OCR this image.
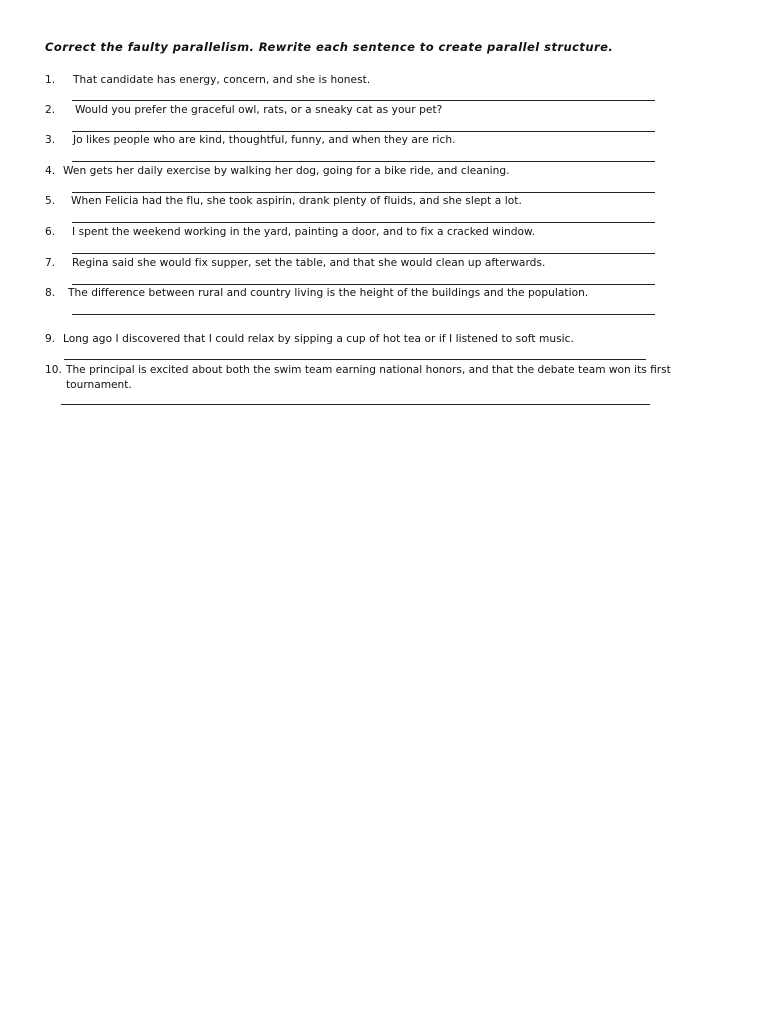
Correct the faulty parallelism. Rewrite each sentence to create parallel structure.
1. That candidate has energy, concern, and she is honest.
2. Would you prefer the graceful owl, rats, or a sneaky cat as your pet?
3. Jo likes people who are kind, thoughtful, funny, and when they are rich.
4. Wen gets her daily exercise by walking her dog, going for a bike ride, and cleaning.
5. When Felicia had the flu, she took aspirin, drank plenty of fluids, and she slept a lot.
6. I spent the weekend working in the yard, painting a door, and to fix a cracked window.
7. Regina said she would fix supper, set the table, and that she would clean up afterwards.
8. The difference between rural and country living is the height of the buildings and the population.
9. Long ago I discovered that I could relax by sipping a cup of hot tea or if I listened to soft music.
10. The principal is excited about both the swim team earning national honors, and that the debate team won its first tournament.
